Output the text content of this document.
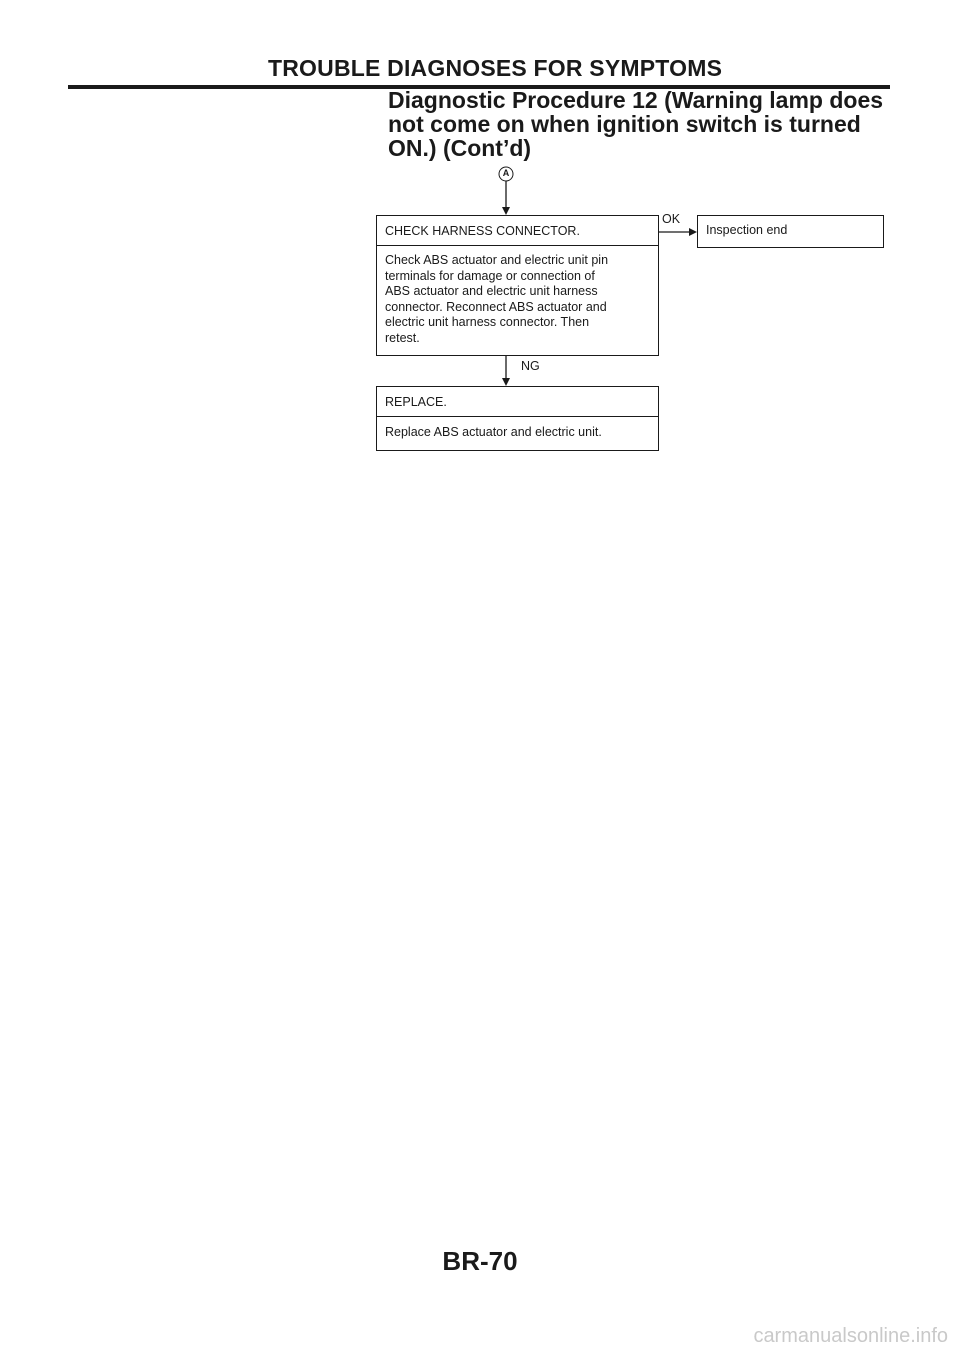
TROUBLE DIAGNOSES FOR SYMPTOMS
Diagnostic Procedure 12 (Warning lamp does
not come on when ignition switch is turned
ON.) (Cont’d)
A
CHECK HARNESS CONNECTOR.
Check ABS actuator and electric unit pin
terminals for damage or connection of
ABS actuator and electric unit harness
connector. Reconnect ABS actuator and
electric unit harness connector. Then
retest.
OK
Inspection end
NG
REPLACE.
Replace ABS actuator and electric unit.
BR-70
carmanualsonline.info
